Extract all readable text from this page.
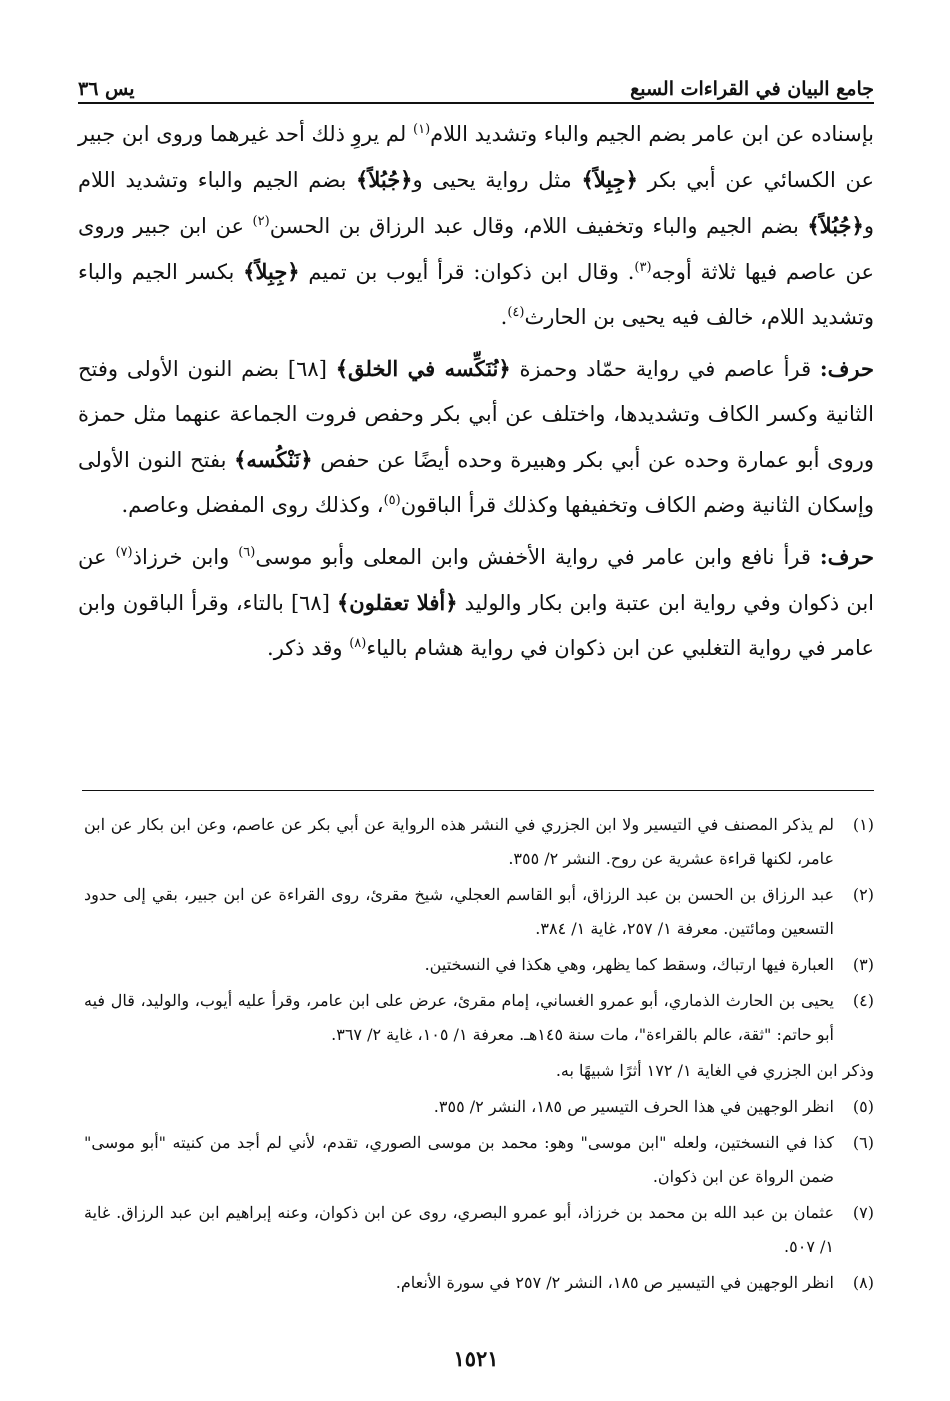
جامع البيان في القراءات السبع
يس ٣٦

بإسناده عن ابن عامر بضم الجيم والباء وتشديد اللام$^{(١)}$ لم يروِ ذلك أحد غيرهما وروى ابن جبير عن الكسائي عن أبي بكر ﴿جِبِلاً﴾ مثل رواية يحيى و﴿جُبُلاً﴾ بضم الجيم والباء وتشديد اللام و﴿جُبُلاً﴾ بضم الجيم والباء وتخفيف اللام، وقال عبد الرزاق بن الحسن$^{(٢)}$ عن ابن جبير وروى عن عاصم فيها ثلاثة أوجه$^{(٣)}$. وقال ابن ذكوان: قرأ أيوب بن تميم ﴿جِبِلاً﴾ بكسر الجيم والباء وتشديد اللام، خالف فيه يحيى بن الحارث$^{(٤)}$.

حرف: قرأ عاصم في رواية حمّاد وحمزة ﴿نُنَكِّسه في الخلق﴾ [٦٨] بضم النون الأولى وفتح الثانية وكسر الكاف وتشديدها، واختلف عن أبي بكر وحفص فروت الجماعة عنهما مثل حمزة وروى أبو عمارة وحده عن أبي بكر وهبيرة وحده أيضًا عن حفص ﴿نَنْكُسه﴾ بفتح النون الأولى وإسكان الثانية وضم الكاف وتخفيفها وكذلك قرأ الباقون$^{(٥)}$، وكذلك روى المفضل وعاصم.

حرف: قرأ نافع وابن عامر في رواية الأخفش وابن المعلى وأبو موسى$^{(٦)}$ وابن خرزاذ$^{(٧)}$ عن ابن ذكوان وفي رواية ابن عتبة وابن بكار والوليد ﴿أفلا تعقلون﴾ [٦٨] بالتاء، وقرأ الباقون وابن عامر في رواية التغلبي عن ابن ذكوان في رواية هشام بالياء$^{(٨)}$ وقد ذكر.

(١)
لم يذكر المصنف في التيسير ولا ابن الجزري في النشر هذه الرواية عن أبي بكر عن عاصم، وعن ابن بكار عن ابن عامر، لكنها قراءة عشرية عن روح. النشر ٢/ ٣٥٥.
(٢)
عبد الرزاق بن الحسن بن عبد الرزاق، أبو القاسم العجلي، شيخ مقرئ، روى القراءة عن ابن جبير، بقي إلى حدود التسعين ومائتين. معرفة ١/ ٢٥٧، غاية ١/ ٣٨٤.
(٣)
العبارة فيها ارتباك، وسقط كما يظهر، وهي هكذا في النسختين.
(٤)
يحيى بن الحارث الذماري، أبو عمرو الغساني، إمام مقرئ، عرض على ابن عامر، وقرأ عليه أيوب، والوليد، قال فيه أبو حاتم: "ثقة، عالم بالقراءة"، مات سنة ١٤٥هـ. معرفة ١/ ١٠٥، غاية ٢/ ٣٦٧.
وذكر ابن الجزري في الغاية ١/ ١٧٢ أثرًا شبيهًا به.
(٥)
انظر الوجهين في هذا الحرف التيسير ص ١٨٥، النشر ٢/ ٣٥٥.
(٦)
كذا في النسختين، ولعله "ابن موسى" وهو: محمد بن موسى الصوري، تقدم، لأني لم أجد من كنيته "أبو موسى" ضمن الرواة عن ابن ذكوان.
(٧)
عثمان بن عبد الله بن محمد بن خرزاذ، أبو عمرو البصري، روى عن ابن ذكوان، وعنه إبراهيم ابن عبد الرزاق. غاية ١/ ٥٠٧.
(٨)
انظر الوجهين في التيسير ص ١٨٥، النشر ٢/ ٢٥٧ في سورة الأنعام.
١٥٢١
